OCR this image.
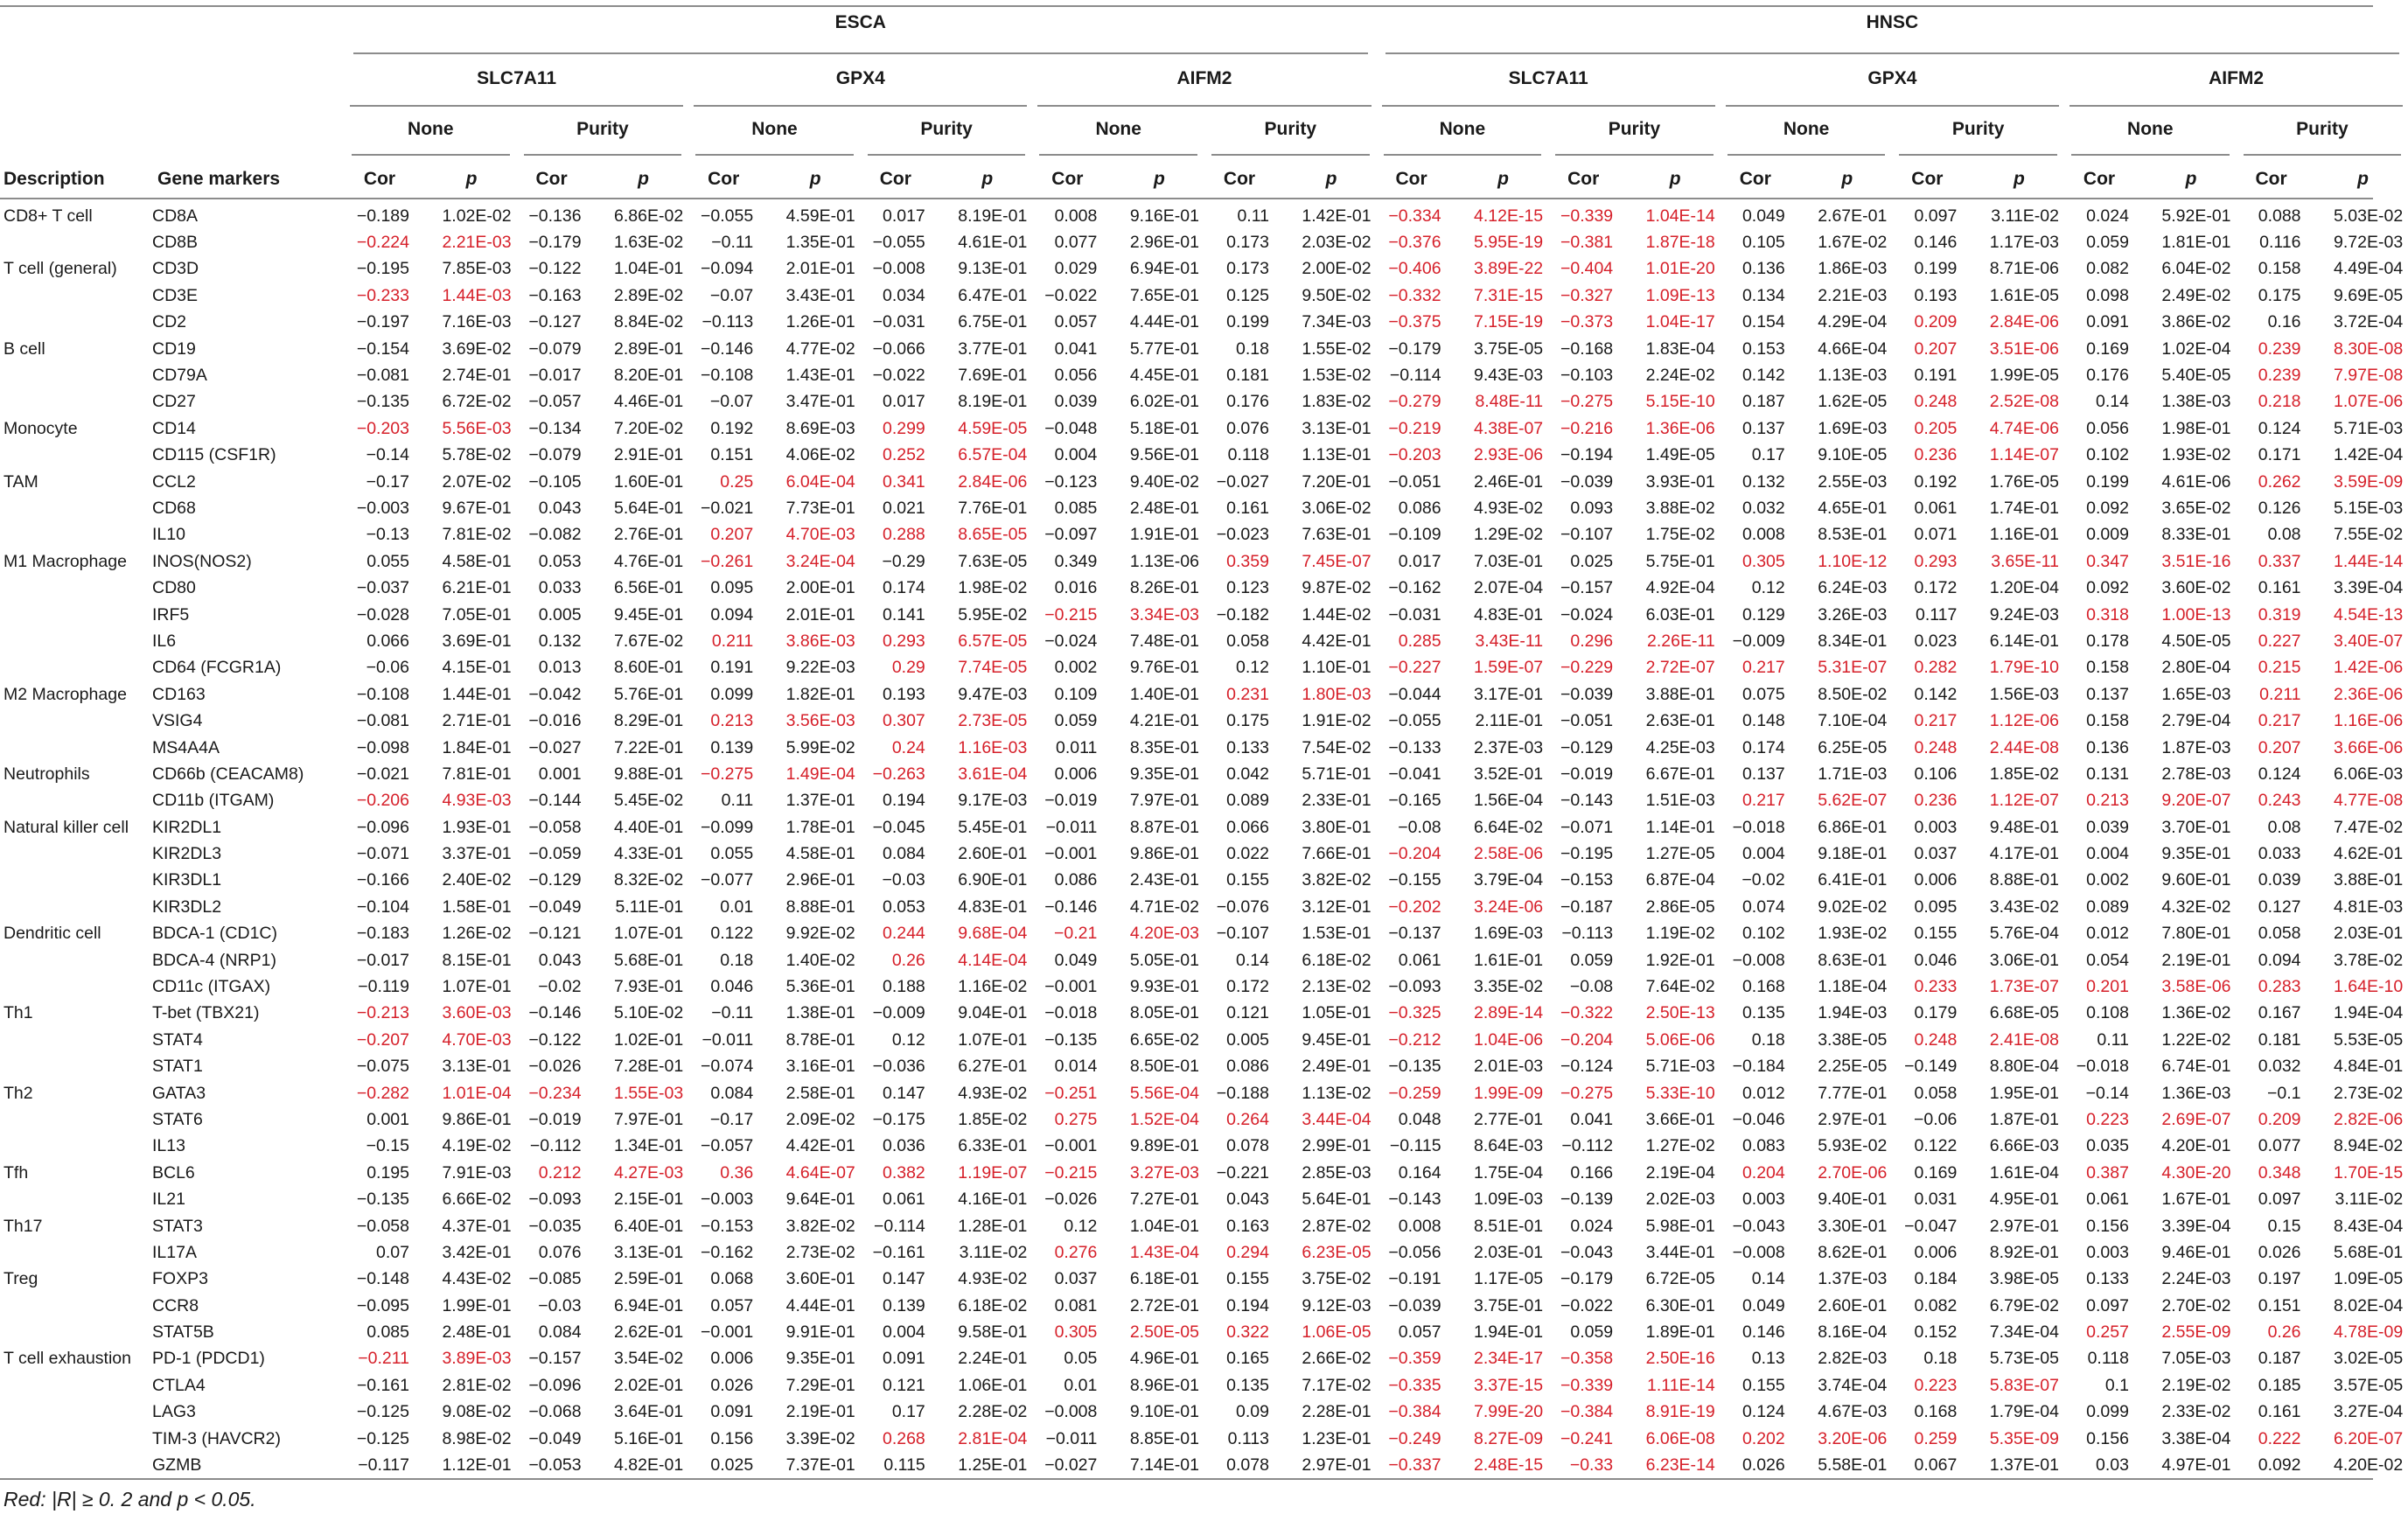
ESCA	HNSC
SLC7A11	GPX4	AIFM2	SLC7A11	GPX4	AIFM2
None	Purity	None	Purity	None	Purity	None	Purity	None	Purity	None	Purity
Description	Gene markers	Cor	p	Cor	p	Cor	p	Cor	p	Cor	p	Cor	p	Cor	p	Cor	p	Cor	p	Cor	p	Cor	p	Cor	p
CD8+ T cell	CD8A	−0.189	1.02E-02	−0.136	6.86E-02	−0.055	4.59E-01	0.017	8.19E-01	0.008	9.16E-01	0.11	1.42E-01	−0.334	4.12E-15	−0.339	1.04E-14	0.049	2.67E-01	0.097	3.11E-02	0.024	5.92E-01	0.088	5.03E-02
	CD8B	−0.224	2.21E-03	−0.179	1.63E-02	−0.11	1.35E-01	−0.055	4.61E-01	0.077	2.96E-01	0.173	2.03E-02	−0.376	5.95E-19	−0.381	1.87E-18	0.105	1.67E-02	0.146	1.17E-03	0.059	1.81E-01	0.116	9.72E-03
T cell (general)	CD3D	−0.195	7.85E-03	−0.122	1.04E-01	−0.094	2.01E-01	−0.008	9.13E-01	0.029	6.94E-01	0.173	2.00E-02	−0.406	3.89E-22	−0.404	1.01E-20	0.136	1.86E-03	0.199	8.71E-06	0.082	6.04E-02	0.158	4.49E-04
	CD3E	−0.233	1.44E-03	−0.163	2.89E-02	−0.07	3.43E-01	0.034	6.47E-01	−0.022	7.65E-01	0.125	9.50E-02	−0.332	7.31E-15	−0.327	1.09E-13	0.134	2.21E-03	0.193	1.61E-05	0.098	2.49E-02	0.175	9.69E-05
	CD2	−0.197	7.16E-03	−0.127	8.84E-02	−0.113	1.26E-01	−0.031	6.75E-01	0.057	4.44E-01	0.199	7.34E-03	−0.375	7.15E-19	−0.373	1.04E-17	0.154	4.29E-04	0.209	2.84E-06	0.091	3.86E-02	0.16	3.72E-04
B cell	CD19	−0.154	3.69E-02	−0.079	2.89E-01	−0.146	4.77E-02	−0.066	3.77E-01	0.041	5.77E-01	0.18	1.55E-02	−0.179	3.75E-05	−0.168	1.83E-04	0.153	4.66E-04	0.207	3.51E-06	0.169	1.02E-04	0.239	8.30E-08
	CD79A	−0.081	2.74E-01	−0.017	8.20E-01	−0.108	1.43E-01	−0.022	7.69E-01	0.056	4.45E-01	0.181	1.53E-02	−0.114	9.43E-03	−0.103	2.24E-02	0.142	1.13E-03	0.191	1.99E-05	0.176	5.40E-05	0.239	7.97E-08
	CD27	−0.135	6.72E-02	−0.057	4.46E-01	−0.07	3.47E-01	0.017	8.19E-01	0.039	6.02E-01	0.176	1.83E-02	−0.279	8.48E-11	−0.275	5.15E-10	0.187	1.62E-05	0.248	2.52E-08	0.14	1.38E-03	0.218	1.07E-06
Monocyte	CD14	−0.203	5.56E-03	−0.134	7.20E-02	0.192	8.69E-03	0.299	4.59E-05	−0.048	5.18E-01	0.076	3.13E-01	−0.219	4.38E-07	−0.216	1.36E-06	0.137	1.69E-03	0.205	4.74E-06	0.056	1.98E-01	0.124	5.71E-03
	CD115 (CSF1R)	−0.14	5.78E-02	−0.079	2.91E-01	0.151	4.06E-02	0.252	6.57E-04	0.004	9.56E-01	0.118	1.13E-01	−0.203	2.93E-06	−0.194	1.49E-05	0.17	9.10E-05	0.236	1.14E-07	0.102	1.93E-02	0.171	1.42E-04
TAM	CCL2	−0.17	2.07E-02	−0.105	1.60E-01	0.25	6.04E-04	0.341	2.84E-06	−0.123	9.40E-02	−0.027	7.20E-01	−0.051	2.46E-01	−0.039	3.93E-01	0.132	2.55E-03	0.192	1.76E-05	0.199	4.61E-06	0.262	3.59E-09
	CD68	−0.003	9.67E-01	0.043	5.64E-01	−0.021	7.73E-01	0.021	7.76E-01	0.085	2.48E-01	0.161	3.06E-02	0.086	4.93E-02	0.093	3.88E-02	0.032	4.65E-01	0.061	1.74E-01	0.092	3.65E-02	0.126	5.15E-03
	IL10	−0.13	7.81E-02	−0.082	2.76E-01	0.207	4.70E-03	0.288	8.65E-05	−0.097	1.91E-01	−0.023	7.63E-01	−0.109	1.29E-02	−0.107	1.75E-02	0.008	8.53E-01	0.071	1.16E-01	0.009	8.33E-01	0.08	7.55E-02
M1 Macrophage	INOS(NOS2)	0.055	4.58E-01	0.053	4.76E-01	−0.261	3.24E-04	−0.29	7.63E-05	0.349	1.13E-06	0.359	7.45E-07	0.017	7.03E-01	0.025	5.75E-01	0.305	1.10E-12	0.293	3.65E-11	0.347	3.51E-16	0.337	1.44E-14
	CD80	−0.037	6.21E-01	0.033	6.56E-01	0.095	2.00E-01	0.174	1.98E-02	0.016	8.26E-01	0.123	9.87E-02	−0.162	2.07E-04	−0.157	4.92E-04	0.12	6.24E-03	0.172	1.20E-04	0.092	3.60E-02	0.161	3.39E-04
	IRF5	−0.028	7.05E-01	0.005	9.45E-01	0.094	2.01E-01	0.141	5.95E-02	−0.215	3.34E-03	−0.182	1.44E-02	−0.031	4.83E-01	−0.024	6.03E-01	0.129	3.26E-03	0.117	9.24E-03	0.318	1.00E-13	0.319	4.54E-13
	IL6	0.066	3.69E-01	0.132	7.67E-02	0.211	3.86E-03	0.293	6.57E-05	−0.024	7.48E-01	0.058	4.42E-01	0.285	3.43E-11	0.296	2.26E-11	−0.009	8.34E-01	0.023	6.14E-01	0.178	4.50E-05	0.227	3.40E-07
	CD64 (FCGR1A)	−0.06	4.15E-01	0.013	8.60E-01	0.191	9.22E-03	0.29	7.74E-05	0.002	9.76E-01	0.12	1.10E-01	−0.227	1.59E-07	−0.229	2.72E-07	0.217	5.31E-07	0.282	1.79E-10	0.158	2.80E-04	0.215	1.42E-06
M2 Macrophage	CD163	−0.108	1.44E-01	−0.042	5.76E-01	0.099	1.82E-01	0.193	9.47E-03	0.109	1.40E-01	0.231	1.80E-03	−0.044	3.17E-01	−0.039	3.88E-01	0.075	8.50E-02	0.142	1.56E-03	0.137	1.65E-03	0.211	2.36E-06
	VSIG4	−0.081	2.71E-01	−0.016	8.29E-01	0.213	3.56E-03	0.307	2.73E-05	0.059	4.21E-01	0.175	1.91E-02	−0.055	2.11E-01	−0.051	2.63E-01	0.148	7.10E-04	0.217	1.12E-06	0.158	2.79E-04	0.217	1.16E-06
	MS4A4A	−0.098	1.84E-01	−0.027	7.22E-01	0.139	5.99E-02	0.24	1.16E-03	0.011	8.35E-01	0.133	7.54E-02	−0.133	2.37E-03	−0.129	4.25E-03	0.174	6.25E-05	0.248	2.44E-08	0.136	1.87E-03	0.207	3.66E-06
Neutrophils	CD66b (CEACAM8)	−0.021	7.81E-01	0.001	9.88E-01	−0.275	1.49E-04	−0.263	3.61E-04	0.006	9.35E-01	0.042	5.71E-01	−0.041	3.52E-01	−0.019	6.67E-01	0.137	1.71E-03	0.106	1.85E-02	0.131	2.78E-03	0.124	6.06E-03
	CD11b (ITGAM)	−0.206	4.93E-03	−0.144	5.45E-02	0.11	1.37E-01	0.194	9.17E-03	−0.019	7.97E-01	0.089	2.33E-01	−0.165	1.56E-04	−0.143	1.51E-03	0.217	5.62E-07	0.236	1.12E-07	0.213	9.20E-07	0.243	4.77E-08
Natural killer cell	KIR2DL1	−0.096	1.93E-01	−0.058	4.40E-01	−0.099	1.78E-01	−0.045	5.45E-01	−0.011	8.87E-01	0.066	3.80E-01	−0.08	6.64E-02	−0.071	1.14E-01	−0.018	6.86E-01	0.003	9.48E-01	0.039	3.70E-01	0.08	7.47E-02
	KIR2DL3	−0.071	3.37E-01	−0.059	4.33E-01	0.055	4.58E-01	0.084	2.60E-01	−0.001	9.86E-01	0.022	7.66E-01	−0.204	2.58E-06	−0.195	1.27E-05	0.004	9.18E-01	0.037	4.17E-01	0.004	9.35E-01	0.033	4.62E-01
	KIR3DL1	−0.166	2.40E-02	−0.129	8.32E-02	−0.077	2.96E-01	−0.03	6.90E-01	0.086	2.43E-01	0.155	3.82E-02	−0.155	3.79E-04	−0.153	6.87E-04	−0.02	6.41E-01	0.006	8.88E-01	0.002	9.60E-01	0.039	3.88E-01
	KIR3DL2	−0.104	1.58E-01	−0.049	5.11E-01	0.01	8.88E-01	0.053	4.83E-01	−0.146	4.71E-02	−0.076	3.12E-01	−0.202	3.24E-06	−0.187	2.86E-05	0.074	9.02E-02	0.095	3.43E-02	0.089	4.32E-02	0.127	4.81E-03
Dendritic cell	BDCA-1 (CD1C)	−0.183	1.26E-02	−0.121	1.07E-01	0.122	9.92E-02	0.244	9.68E-04	−0.21	4.20E-03	−0.107	1.53E-01	−0.137	1.69E-03	−0.113	1.19E-02	0.102	1.93E-02	0.155	5.76E-04	0.012	7.80E-01	0.058	2.03E-01
	BDCA-4 (NRP1)	−0.017	8.15E-01	0.043	5.68E-01	0.18	1.40E-02	0.26	4.14E-04	0.049	5.05E-01	0.14	6.18E-02	0.061	1.61E-01	0.059	1.92E-01	−0.008	8.63E-01	0.046	3.06E-01	0.054	2.19E-01	0.094	3.78E-02
	CD11c (ITGAX)	−0.119	1.07E-01	−0.02	7.93E-01	0.046	5.36E-01	0.188	1.16E-02	−0.001	9.93E-01	0.172	2.13E-02	−0.093	3.35E-02	−0.08	7.64E-02	0.168	1.18E-04	0.233	1.73E-07	0.201	3.58E-06	0.283	1.64E-10
Th1	T-bet (TBX21)	−0.213	3.60E-03	−0.146	5.10E-02	−0.11	1.38E-01	−0.009	9.04E-01	−0.018	8.05E-01	0.121	1.05E-01	−0.325	2.89E-14	−0.322	2.50E-13	0.135	1.94E-03	0.179	6.68E-05	0.108	1.36E-02	0.167	1.94E-04
	STAT4	−0.207	4.70E-03	−0.122	1.02E-01	−0.011	8.78E-01	0.12	1.07E-01	−0.135	6.65E-02	0.005	9.45E-01	−0.212	1.04E-06	−0.204	5.06E-06	0.18	3.38E-05	0.248	2.41E-08	0.11	1.22E-02	0.181	5.53E-05
	STAT1	−0.075	3.13E-01	−0.026	7.28E-01	−0.074	3.16E-01	−0.036	6.27E-01	0.014	8.50E-01	0.086	2.49E-01	−0.135	2.01E-03	−0.124	5.71E-03	−0.184	2.25E-05	−0.149	8.80E-04	−0.018	6.74E-01	0.032	4.84E-01
Th2	GATA3	−0.282	1.01E-04	−0.234	1.55E-03	0.084	2.58E-01	0.147	4.93E-02	−0.251	5.56E-04	−0.188	1.13E-02	−0.259	1.99E-09	−0.275	5.33E-10	0.012	7.77E-01	0.058	1.95E-01	−0.14	1.36E-03	−0.1	2.73E-02
	STAT6	0.001	9.86E-01	−0.019	7.97E-01	−0.17	2.09E-02	−0.175	1.85E-02	0.275	1.52E-04	0.264	3.44E-04	0.048	2.77E-01	0.041	3.66E-01	−0.046	2.97E-01	−0.06	1.87E-01	0.223	2.69E-07	0.209	2.82E-06
	IL13	−0.15	4.19E-02	−0.112	1.34E-01	−0.057	4.42E-01	0.036	6.33E-01	−0.001	9.89E-01	0.078	2.99E-01	−0.115	8.64E-03	−0.112	1.27E-02	0.083	5.93E-02	0.122	6.66E-03	0.035	4.20E-01	0.077	8.94E-02
Tfh	BCL6	0.195	7.91E-03	0.212	4.27E-03	0.36	4.64E-07	0.382	1.19E-07	−0.215	3.27E-03	−0.221	2.85E-03	0.164	1.75E-04	0.166	2.19E-04	0.204	2.70E-06	0.169	1.61E-04	0.387	4.30E-20	0.348	1.70E-15
	IL21	−0.135	6.66E-02	−0.093	2.15E-01	−0.003	9.64E-01	0.061	4.16E-01	−0.026	7.27E-01	0.043	5.64E-01	−0.143	1.09E-03	−0.139	2.02E-03	0.003	9.40E-01	0.031	4.95E-01	0.061	1.67E-01	0.097	3.11E-02
Th17	STAT3	−0.058	4.37E-01	−0.035	6.40E-01	−0.153	3.82E-02	−0.114	1.28E-01	0.12	1.04E-01	0.163	2.87E-02	0.008	8.51E-01	0.024	5.98E-01	−0.043	3.30E-01	−0.047	2.97E-01	0.156	3.39E-04	0.15	8.43E-04
	IL17A	0.07	3.42E-01	0.076	3.13E-01	−0.162	2.73E-02	−0.161	3.11E-02	0.276	1.43E-04	0.294	6.23E-05	−0.056	2.03E-01	−0.043	3.44E-01	−0.008	8.62E-01	0.006	8.92E-01	0.003	9.46E-01	0.026	5.68E-01
Treg	FOXP3	−0.148	4.43E-02	−0.085	2.59E-01	0.068	3.60E-01	0.147	4.93E-02	0.037	6.18E-01	0.155	3.75E-02	−0.191	1.17E-05	−0.179	6.72E-05	0.14	1.37E-03	0.184	3.98E-05	0.133	2.24E-03	0.197	1.09E-05
	CCR8	−0.095	1.99E-01	−0.03	6.94E-01	0.057	4.44E-01	0.139	6.18E-02	0.081	2.72E-01	0.194	9.12E-03	−0.039	3.75E-01	−0.022	6.30E-01	0.049	2.60E-01	0.082	6.79E-02	0.097	2.70E-02	0.151	8.02E-04
	STAT5B	0.085	2.48E-01	0.084	2.62E-01	−0.001	9.91E-01	0.004	9.58E-01	0.305	2.50E-05	0.322	1.06E-05	0.057	1.94E-01	0.059	1.89E-01	0.146	8.16E-04	0.152	7.34E-04	0.257	2.55E-09	0.26	4.78E-09
T cell exhaustion	PD-1 (PDCD1)	−0.211	3.89E-03	−0.157	3.54E-02	0.006	9.35E-01	0.091	2.24E-01	0.05	4.96E-01	0.165	2.66E-02	−0.359	2.34E-17	−0.358	2.50E-16	0.13	2.82E-03	0.18	5.73E-05	0.118	7.05E-03	0.187	3.02E-05
	CTLA4	−0.161	2.81E-02	−0.096	2.02E-01	0.026	7.29E-01	0.121	1.06E-01	0.01	8.96E-01	0.135	7.17E-02	−0.335	3.37E-15	−0.339	1.11E-14	0.155	3.74E-04	0.223	5.83E-07	0.1	2.19E-02	0.185	3.57E-05
	LAG3	−0.125	9.08E-02	−0.068	3.64E-01	0.091	2.19E-01	0.17	2.28E-02	−0.008	9.10E-01	0.09	2.28E-01	−0.384	7.99E-20	−0.384	8.91E-19	0.124	4.67E-03	0.168	1.79E-04	0.099	2.33E-02	0.161	3.27E-04
	TIM-3 (HAVCR2)	−0.125	8.98E-02	−0.049	5.16E-01	0.156	3.39E-02	0.268	2.81E-04	−0.011	8.85E-01	0.113	1.23E-01	−0.249	8.27E-09	−0.241	6.06E-08	0.202	3.20E-06	0.259	5.35E-09	0.156	3.38E-04	0.222	6.20E-07
	GZMB	−0.117	1.12E-01	−0.053	4.82E-01	0.025	7.37E-01	0.115	1.25E-01	−0.027	7.14E-01	0.078	2.97E-01	−0.337	2.48E-15	−0.33	6.23E-14	0.026	5.58E-01	0.067	1.37E-01	0.03	4.97E-01	0.092	4.20E-02
Red: |R| ≥ 0. 2 and p < 0.05.
